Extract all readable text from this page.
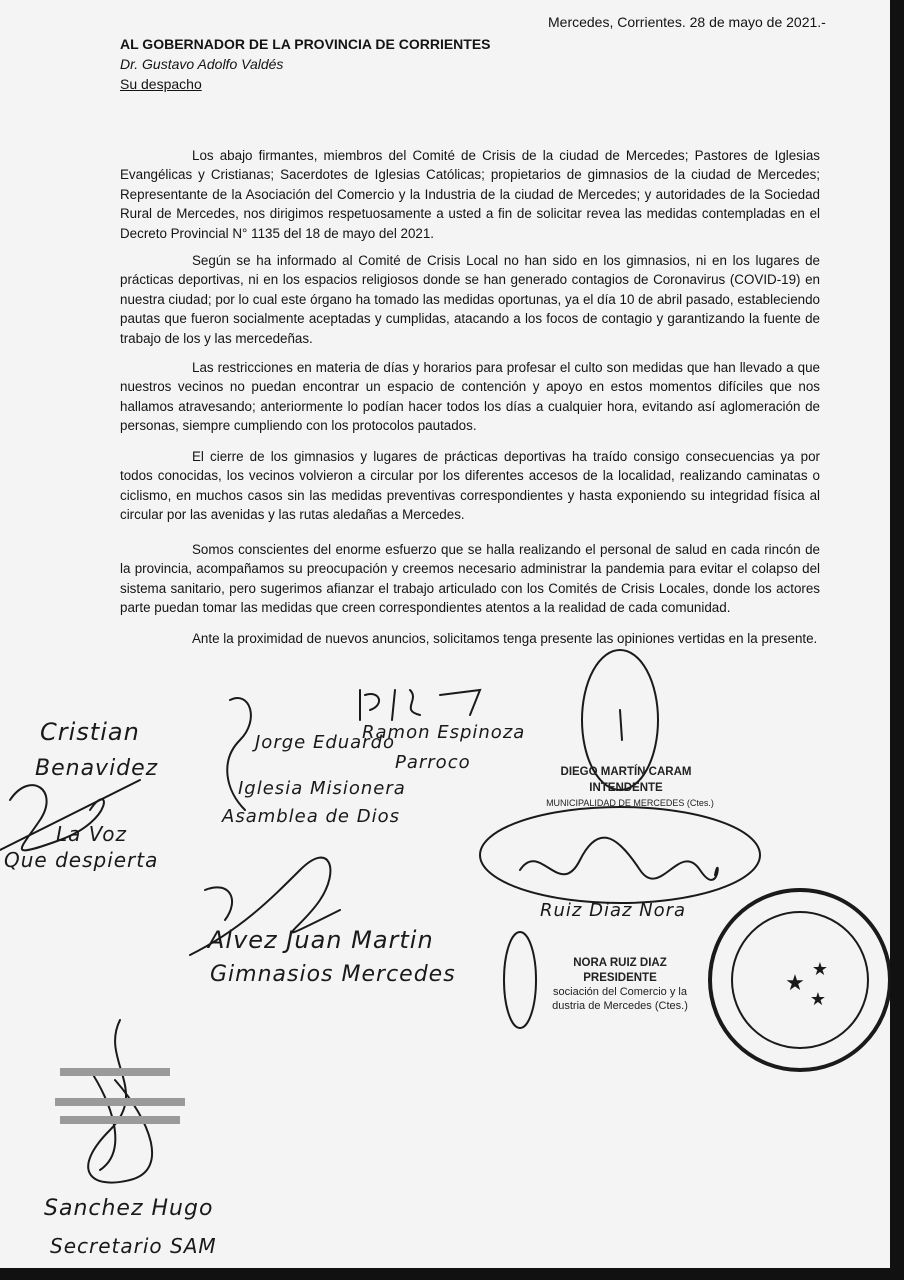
Mercedes, Corrientes. 28 de mayo de 2021.-
AL GOBERNADOR DE LA PROVINCIA DE CORRIENTES
Dr. Gustavo Adolfo Valdés
Su despacho

Los abajo firmantes, miembros del Comité de Crisis de la ciudad de Mercedes; Pastores de Iglesias Evangélicas y Cristianas; Sacerdotes de Iglesias Católicas; propietarios de gimnasios de la ciudad de Mercedes; Representante de la Asociación del Comercio y la Industria de la ciudad de Mercedes; y autoridades de la Sociedad Rural de Mercedes, nos dirigimos respetuosamente a usted a fin de solicitar revea las medidas contempladas en el Decreto Provincial N° 1135 del 18 de mayo del 2021.

Según se ha informado al Comité de Crisis Local no han sido en los gimnasios, ni en los lugares de prácticas deportivas, ni en los espacios religiosos donde se han generado contagios de Coronavirus (COVID-19) en nuestra ciudad; por lo cual este órgano ha tomado las medidas oportunas, ya el día 10 de abril pasado, estableciendo pautas que fueron socialmente aceptadas y cumplidas, atacando a los focos de contagio y garantizando la fuente de trabajo de los y las mercedeñas.

Las restricciones en materia de días y horarios para profesar el culto son medidas que han llevado a que nuestros vecinos no puedan encontrar un espacio de contención y apoyo en estos momentos difíciles que nos hallamos atravesando; anteriormente lo podían hacer todos los días a cualquier hora, evitando así aglomeración de personas, siempre cumpliendo con los protocolos pautados.

El cierre de los gimnasios y lugares de prácticas deportivas ha traído consigo consecuencias ya por todos conocidas, los vecinos volvieron a circular por los diferentes accesos de la localidad, realizando caminatas o ciclismo, en muchos casos sin las medidas preventivas correspondientes y hasta exponiendo su integridad física al circular por las avenidas y las rutas aledañas a Mercedes.

Somos conscientes del enorme esfuerzo que se halla realizando el personal de salud en cada rincón de la provincia, acompañamos su preocupación y creemos necesario administrar la pandemia para evitar el colapso del sistema sanitario, pero sugerimos afianzar el trabajo articulado con los Comités de Crisis Locales, donde los actores parte puedan tomar las medidas que creen correspondientes atentos a la realidad de cada comunidad.

Ante la proximidad de nuevos anuncios, solicitamos tenga presente las opiniones vertidas en la presente.

★
★
★
Cristian
Benavidez
La Voz
Que despierta
Jorge Eduardo
Iglesia Misionera
Asamblea de Dios
Ramon Espinoza
Parroco	DIEGO MARTÍN CARAM
INTENDENTE
MUNICIPALIDAD DE MERCEDES (Ctes.)
Ruiz Diaz Nora
Alvez Juan Martin
Gimnasios Mercedes	NORA RUIZ DIAZ
PRESIDENTE
sociación del Comercio y la
dustria de Mercedes (Ctes.)
Sanchez Hugo
Secretario SAM
